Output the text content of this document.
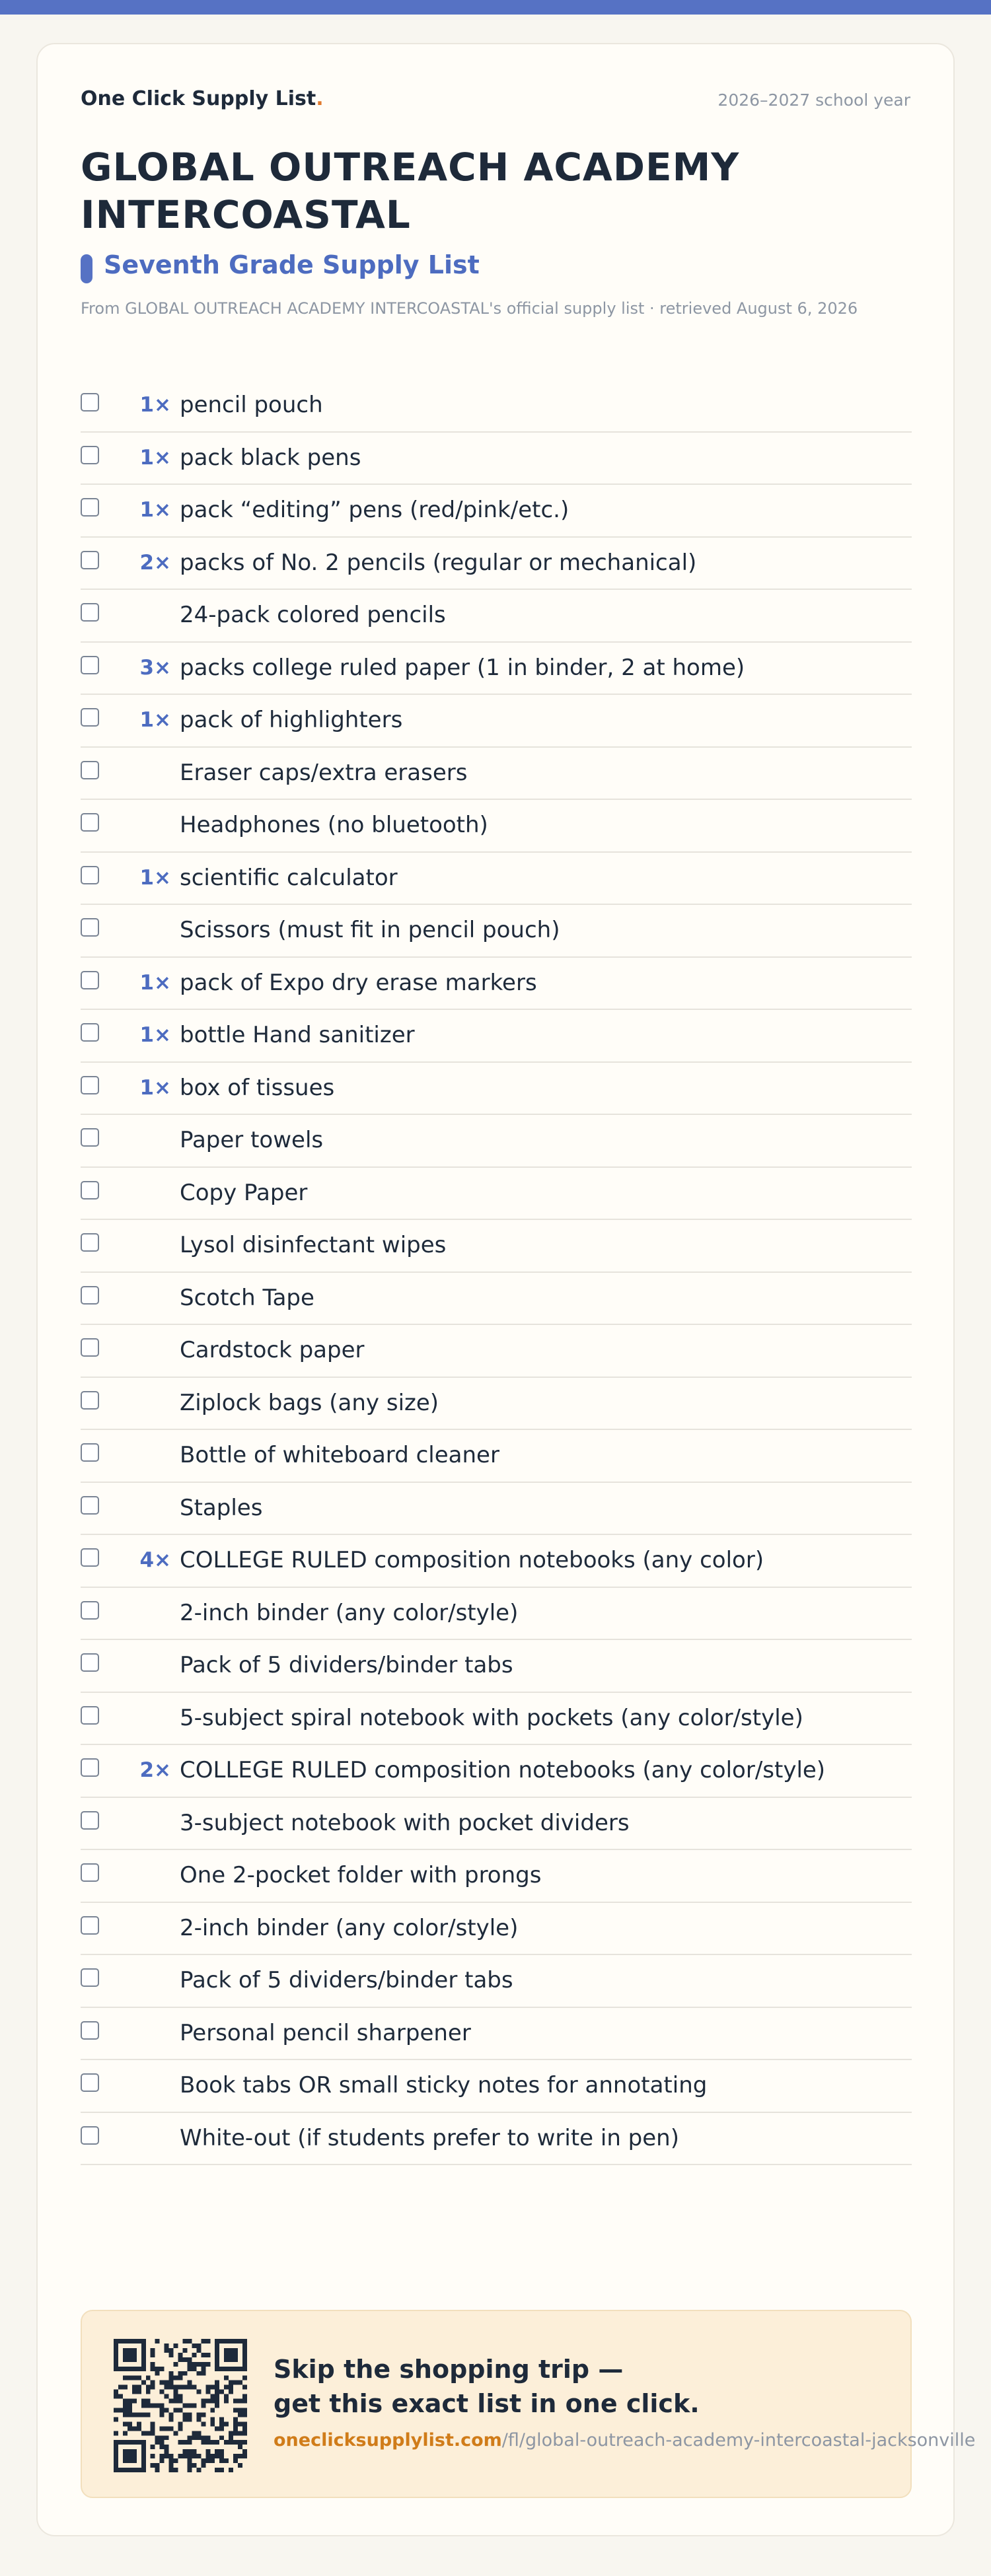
One Click Supply List.	2026–2027 school year
GLOBAL OUTREACH ACADEMY INTERCOASTAL
Seventh Grade Supply List
From GLOBAL OUTREACH ACADEMY INTERCOASTAL's official supply list · retrieved August 6, 2026
1× pencil pouch
1× pack black pens
1× pack “editing” pens (red/pink/etc.)
2× packs of No. 2 pencils (regular or mechanical)
24-pack colored pencils
3× packs college ruled paper (1 in binder, 2 at home)
1× pack of highlighters
Eraser caps/extra erasers
Headphones (no bluetooth)
1× scientific calculator
Scissors (must fit in pencil pouch)
1× pack of Expo dry erase markers
1× bottle Hand sanitizer
1× box of tissues
Paper towels
Copy Paper
Lysol disinfectant wipes
Scotch Tape
Cardstock paper
Ziplock bags (any size)
Bottle of whiteboard cleaner
Staples
4× COLLEGE RULED composition notebooks (any color)
2-inch binder (any color/style)
Pack of 5 dividers/binder tabs
5-subject spiral notebook with pockets (any color/style)
2× COLLEGE RULED composition notebooks (any color/style)
3-subject notebook with pocket dividers
One 2-pocket folder with prongs
2-inch binder (any color/style)
Pack of 5 dividers/binder tabs
Personal pencil sharpener
Book tabs OR small sticky notes for annotating
White-out (if students prefer to write in pen)
Skip the shopping trip —
get this exact list in one click.
oneclicksupplylist.com/fl/global-outreach-academy-intercoastal-jacksonville
